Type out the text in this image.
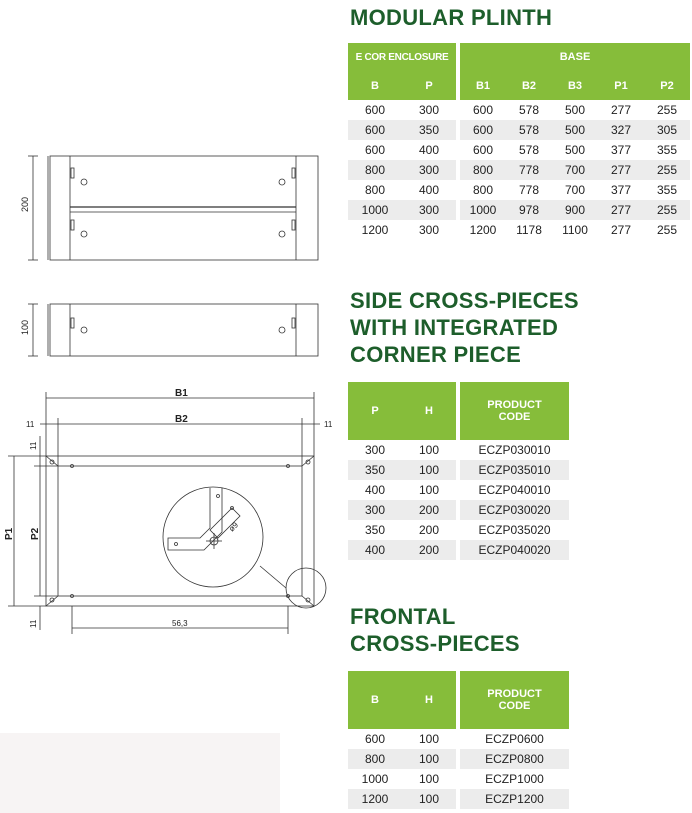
200
100
B1
B2
11	11
11
11
P1 P2
56,3
ø9
MODULAR PLINTH
E COR ENCLOSURE			BASE				
B	P		B1	B2	B3	P1	P2
600	300		600	578	500	277	255
600	350		600	578	500	327	305
600	400		600	578	500	377	355
800	300		800	778	700	277	255
800	400		800	778	700	377	355
1000	300		1000	978	900	277	255
1200	300		1200	1178	1100	277	255
SIDE CROSS-PIECES
WITH INTEGRATED
CORNER PIECE
P	H		PRODUCT
CODE

300	100		ECZP030010
350	100		ECZP035010
400	100		ECZP040010
300	200		ECZP030020
350	200		ECZP035020
400	200		ECZP040020
FRONTAL
CROSS-PIECES
B	H		PRODUCT
CODE

600	100		ECZP0600
800	100		ECZP0800
1000	100		ECZP1000
1200	100		ECZP1200
